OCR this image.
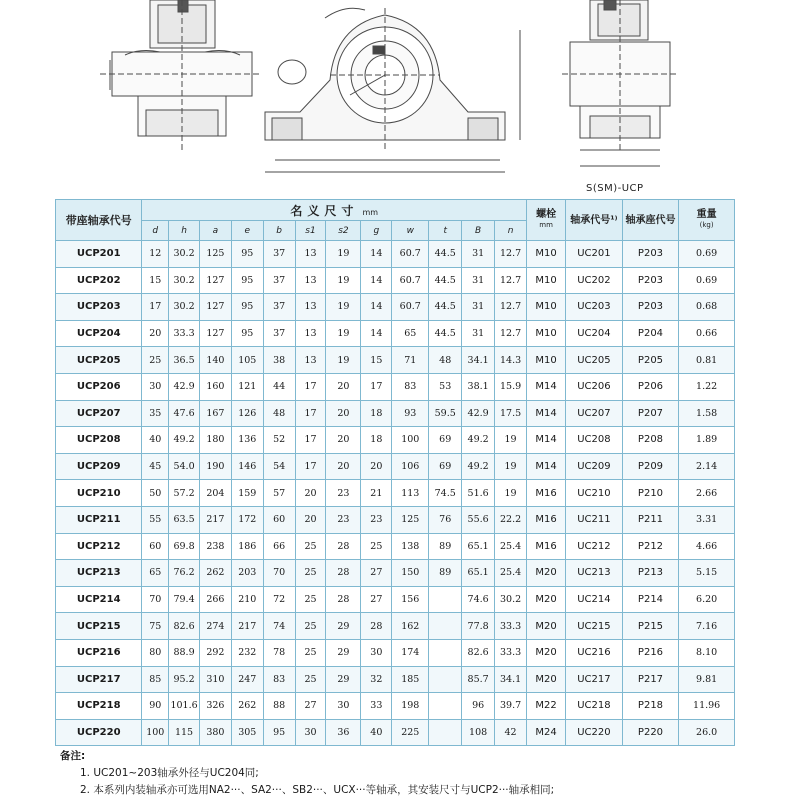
S(SM)-UCP
带座轴承代号	名义尺寸 mm												螺栓
mm	轴承代号¹⁾	轴承座代号	重量
(kg)

	d	h	a	e	b	s1	s2	g	w	t	B	n				
UCP201	12	30.2	125	95	37	13	19	14	60.7	44.5	31	12.7	M10	UC201	P203	0.69
UCP202	15	30.2	127	95	37	13	19	14	60.7	44.5	31	12.7	M10	UC202	P203	0.69
UCP203	17	30.2	127	95	37	13	19	14	60.7	44.5	31	12.7	M10	UC203	P203	0.68
UCP204	20	33.3	127	95	37	13	19	14	65	44.5	31	12.7	M10	UC204	P204	0.66
UCP205	25	36.5	140	105	38	13	19	15	71	48	34.1	14.3	M10	UC205	P205	0.81
UCP206	30	42.9	160	121	44	17	20	17	83	53	38.1	15.9	M14	UC206	P206	1.22
UCP207	35	47.6	167	126	48	17	20	18	93	59.5	42.9	17.5	M14	UC207	P207	1.58
UCP208	40	49.2	180	136	52	17	20	18	100	69	49.2	19	M14	UC208	P208	1.89
UCP209	45	54.0	190	146	54	17	20	20	106	69	49.2	19	M14	UC209	P209	2.14
UCP210	50	57.2	204	159	57	20	23	21	113	74.5	51.6	19	M16	UC210	P210	2.66
UCP211	55	63.5	217	172	60	20	23	23	125	76	55.6	22.2	M16	UC211	P211	3.31
UCP212	60	69.8	238	186	66	25	28	25	138	89	65.1	25.4	M16	UC212	P212	4.66
UCP213	65	76.2	262	203	70	25	28	27	150	89	65.1	25.4	M20	UC213	P213	5.15
UCP214	70	79.4	266	210	72	25	28	27	156		74.6	30.2	M20	UC214	P214	6.20
UCP215	75	82.6	274	217	74	25	29	28	162		77.8	33.3	M20	UC215	P215	7.16
UCP216	80	88.9	292	232	78	25	29	30	174		82.6	33.3	M20	UC216	P216	8.10
UCP217	85	95.2	310	247	83	25	29	32	185		85.7	34.1	M20	UC217	P217	9.81
UCP218	90	101.6	326	262	88	27	30	33	198		96	39.7	M22	UC218	P218	11.96
UCP220	100	115	380	305	95	30	36	40	225		108	42	M24	UC220	P220	26.0
备注:
1. UC201~203轴承外径与UC204同;
2. 本系列内装轴承亦可选用NA2···、SA2···、SB2···、UCX···等轴承，其安装尺寸与UCP2···轴承相同;
